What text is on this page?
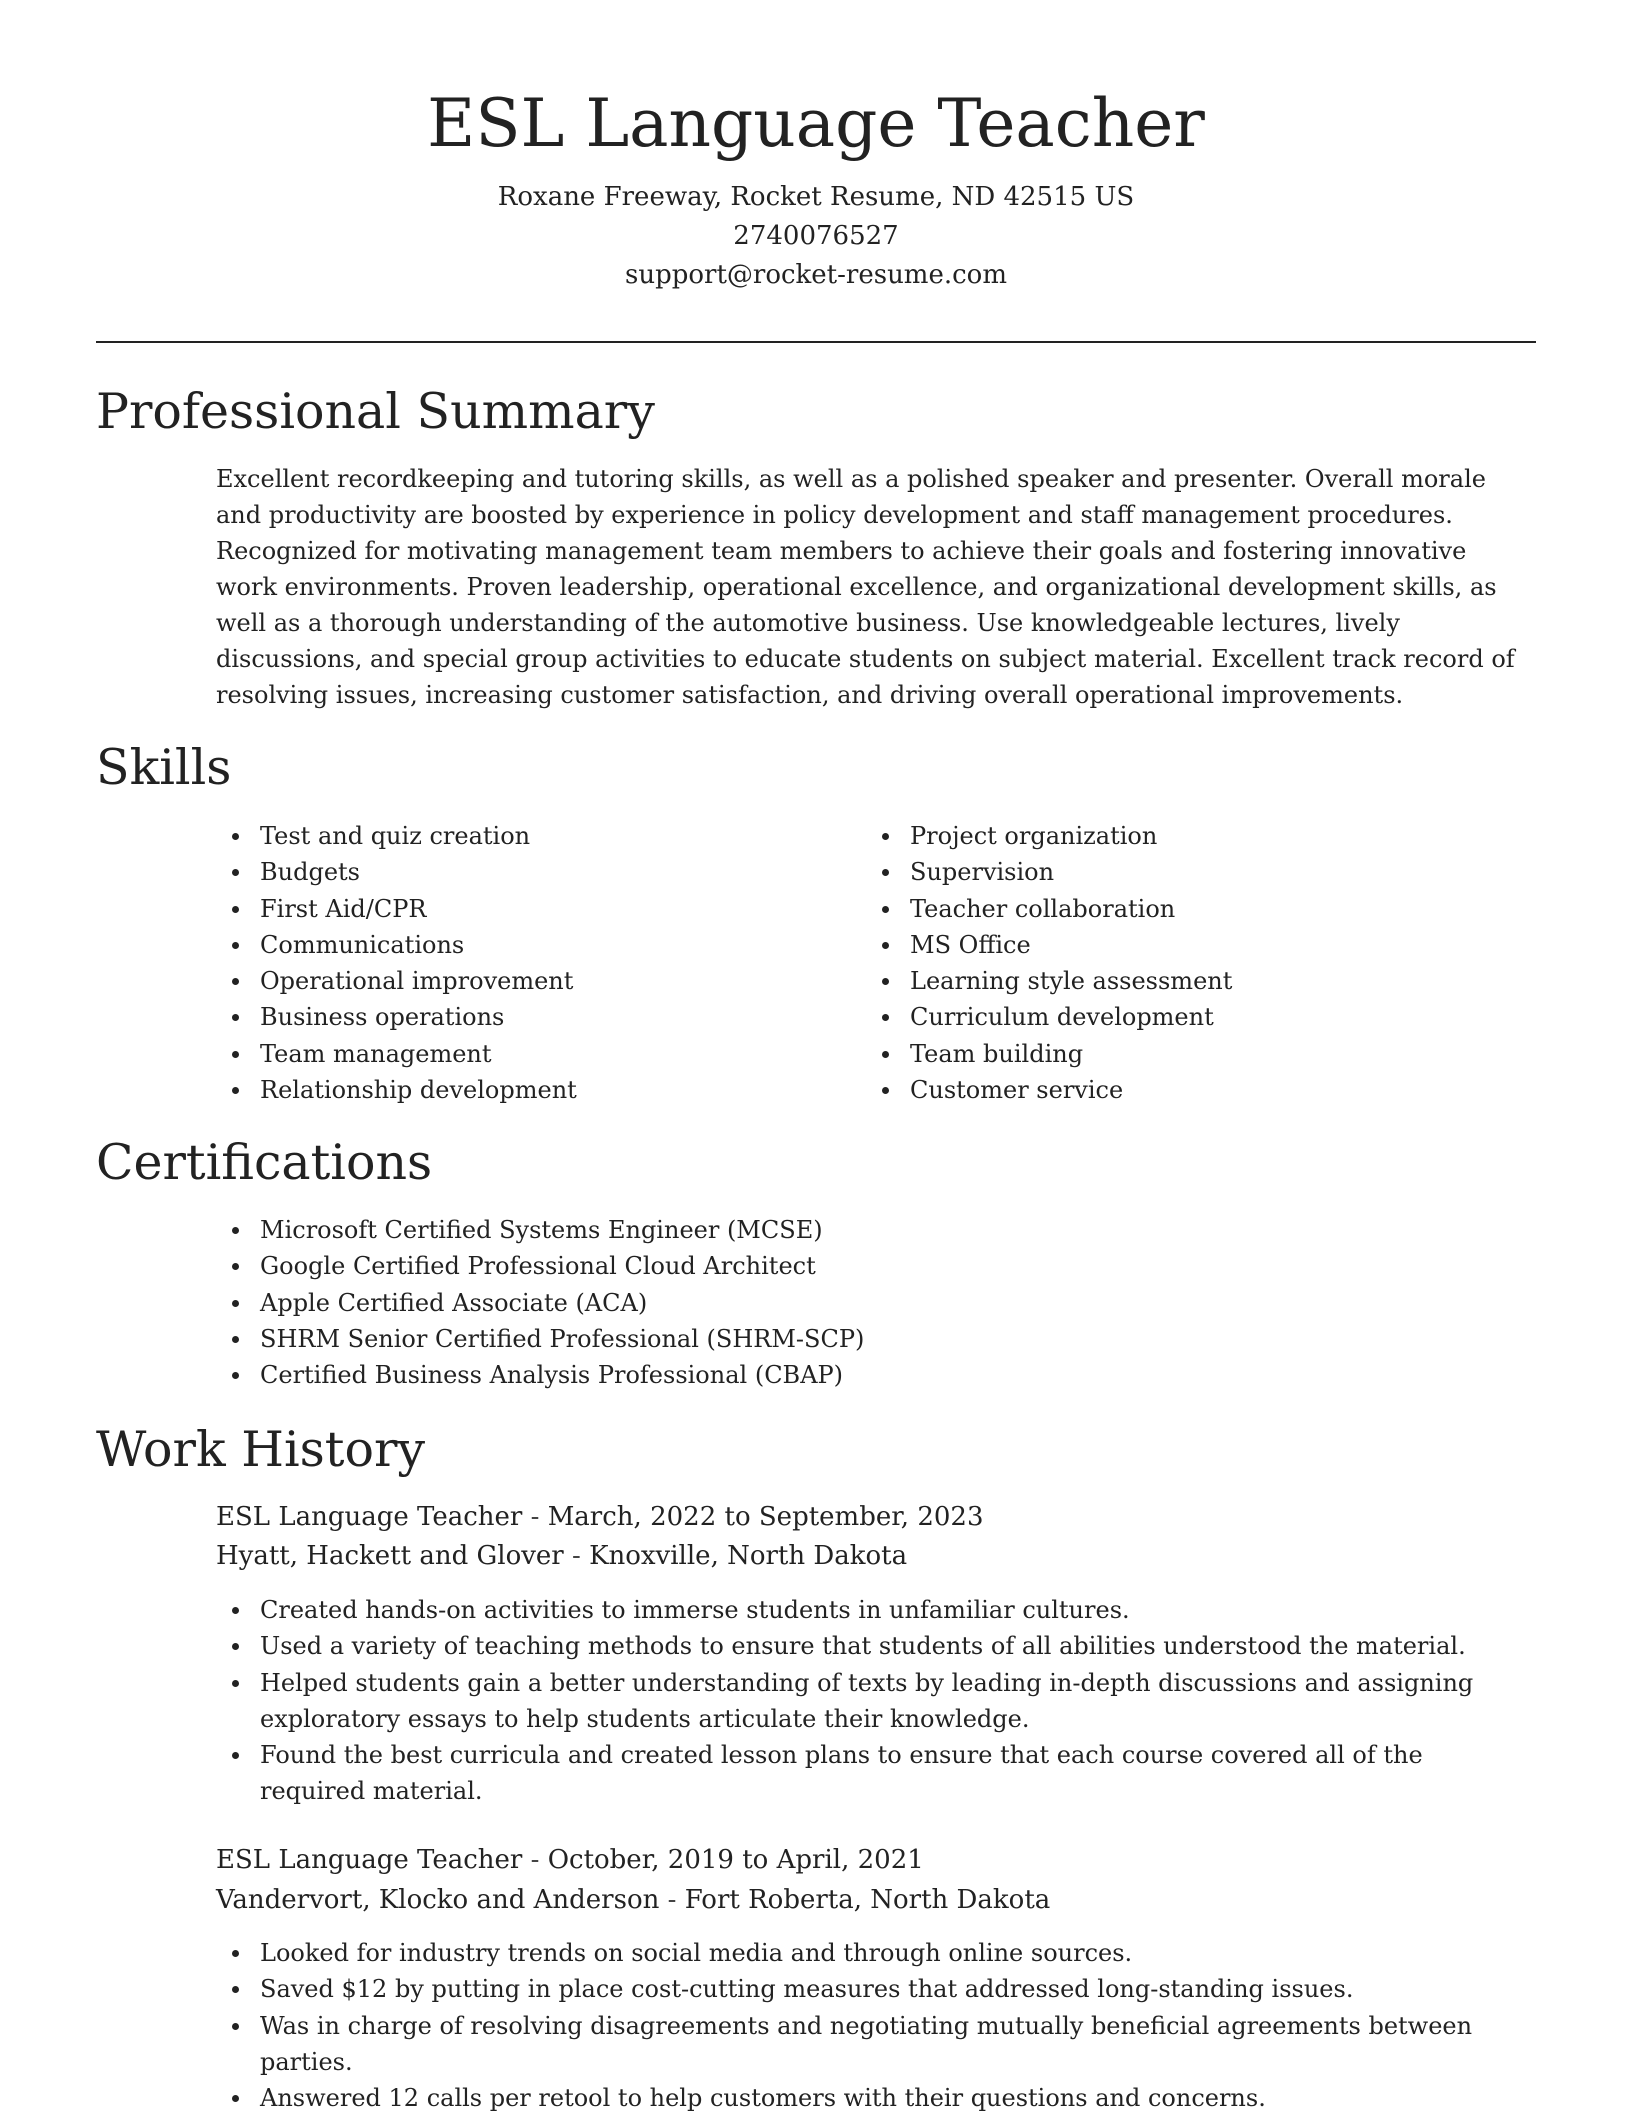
ESL Language Teacher
Roxane Freeway, Rocket Resume, ND 42515 US
2740076527
support@rocket-resume.com
Professional Summary

Excellent recordkeeping and tutoring skills, as well as a polished speaker and presenter. Overall morale and productivity are boosted by experience in policy development and staff management procedures. Recognized for motivating management team members to achieve their goals and fostering innovative work environments. Proven leadership, operational excellence, and organizational development skills, as well as a thorough understanding of the automotive business. Use knowledgeable lectures, lively discussions, and special group activities to educate students on subject material. Excellent track record of resolving issues, increasing customer satisfaction, and driving overall operational improvements.

Skills
Test and quiz creation
Budgets
First Aid/CPR
Communications
Operational improvement
Business operations
Team management
Relationship development
Project organization
Supervision
Teacher collaboration
MS Office
Learning style assessment
Curriculum development
Team building
Customer service
Certifications
Microsoft Certified Systems Engineer (MCSE)
Google Certified Professional Cloud Architect
Apple Certified Associate (ACA)
SHRM Senior Certified Professional (SHRM-SCP)
Certified Business Analysis Professional (CBAP)
Work History
ESL Language Teacher - March, 2022 to September, 2023
Hyatt, Hackett and Glover - Knoxville, North Dakota
Created hands-on activities to immerse students in unfamiliar cultures.
Used a variety of teaching methods to ensure that students of all abilities understood the material.
Helped students gain a better understanding of texts by leading in-depth discussions and assigning exploratory essays to help students articulate their knowledge.
Found the best curricula and created lesson plans to ensure that each course covered all of the required material.
ESL Language Teacher - October, 2019 to April, 2021
Vandervort, Klocko and Anderson - Fort Roberta, North Dakota
Looked for industry trends on social media and through online sources.
Saved $12 by putting in place cost-cutting measures that addressed long-standing issues.
Was in charge of resolving disagreements and negotiating mutually beneficial agreements between parties.
Answered 12 calls per retool to help customers with their questions and concerns.
